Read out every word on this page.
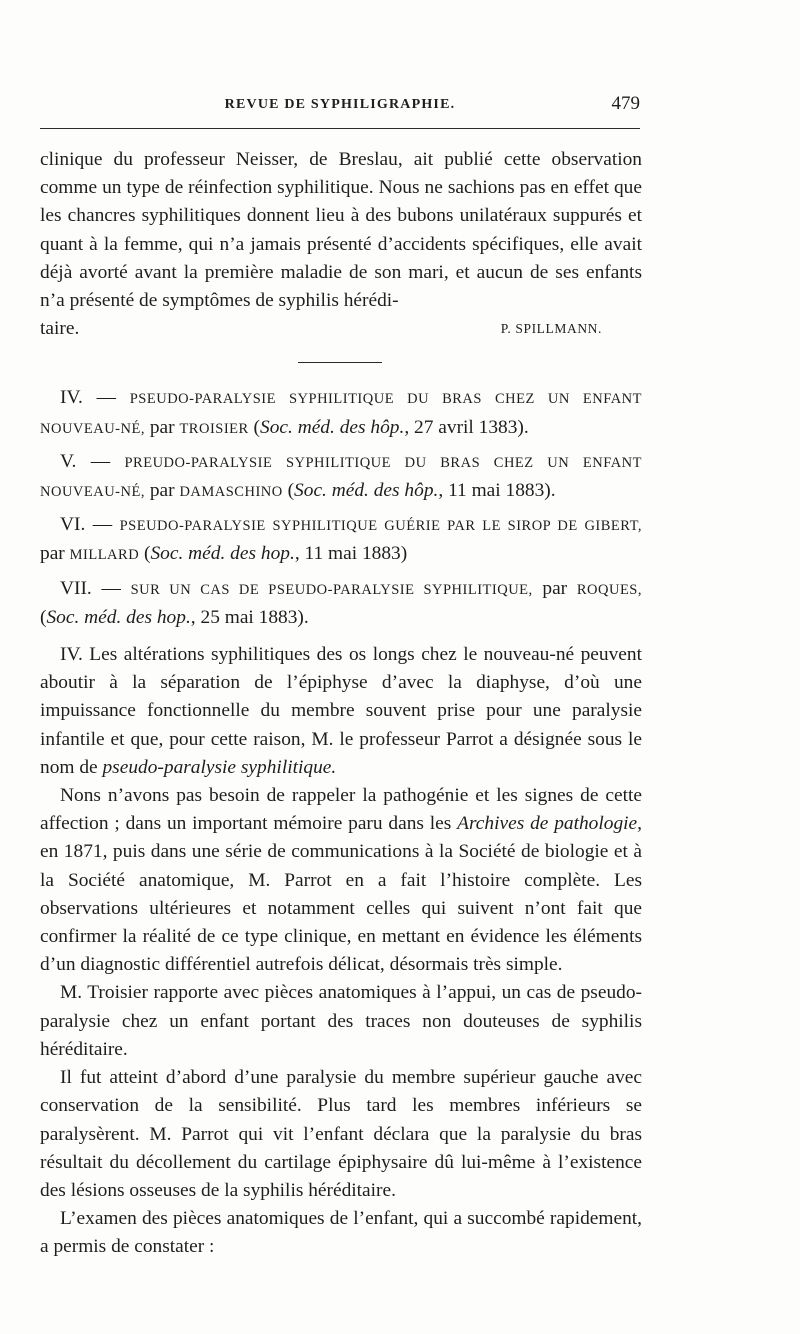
REVUE DE SYPHILIGRAPHIE.	479

clinique du professeur Neisser, de Breslau, ait publié cette observation comme un type de réinfection syphilitique. Nous ne sachions pas en effet que les chancres syphilitiques donnent lieu à des bubons unilatéraux suppurés et quant à la femme, qui n’a jamais présenté d’accidents spécifiques, elle avait déjà avorté avant la première maladie de son mari, et aucun de ses enfants n’a présenté de symptômes de syphilis hérédi-

taire.	P. SPILLMANN.

IV. — PSEUDO-PARALYSIE SYPHILITIQUE DU BRAS CHEZ UN ENFANT NOUVEAU-NÉ, par TROISIER (Soc. méd. des hôp., 27 avril 1383).

V. — PREUDO-PARALYSIE SYPHILITIQUE DU BRAS CHEZ UN ENFANT NOUVEAU-NÉ, par DAMASCHINO (Soc. méd. des hôp., 11 mai 1883).

VI. — PSEUDO-PARALYSIE SYPHILITIQUE GUÉRIE PAR LE SIROP DE GIBERT, par MILLARD (Soc. méd. des hop., 11 mai 1883)

VII. — SUR UN CAS DE PSEUDO-PARALYSIE SYPHILITIQUE, par ROQUES, (Soc. méd. des hop., 25 mai 1883).

IV. Les altérations syphilitiques des os longs chez le nouveau-né peuvent aboutir à la séparation de l’épiphyse d’avec la diaphyse, d’où une impuissance fonctionnelle du membre souvent prise pour une paralysie infantile et que, pour cette raison, M. le professeur Parrot a désignée sous le nom de pseudo-paralysie syphilitique.

Nons n’avons pas besoin de rappeler la pathogénie et les signes de cette affection ; dans un important mémoire paru dans les Archives de pathologie, en 1871, puis dans une série de communications à la Société de biologie et à la Société anatomique, M. Parrot en a fait l’histoire complète. Les observations ultérieures et notamment celles qui suivent n’ont fait que confirmer la réalité de ce type clinique, en mettant en évidence les éléments d’un diagnostic différentiel autrefois délicat, désormais très simple.

M. Troisier rapporte avec pièces anatomiques à l’appui, un cas de pseudo-paralysie chez un enfant portant des traces non douteuses de syphilis héréditaire.

Il fut atteint d’abord d’une paralysie du membre supérieur gauche avec conservation de la sensibilité. Plus tard les membres inférieurs se paralysèrent. M. Parrot qui vit l’enfant déclara que la paralysie du bras résultait du décollement du cartilage épiphysaire dû lui-même à l’existence des lésions osseuses de la syphilis héréditaire.

L’examen des pièces anatomiques de l’enfant, qui a succombé rapidement, a permis de constater :
